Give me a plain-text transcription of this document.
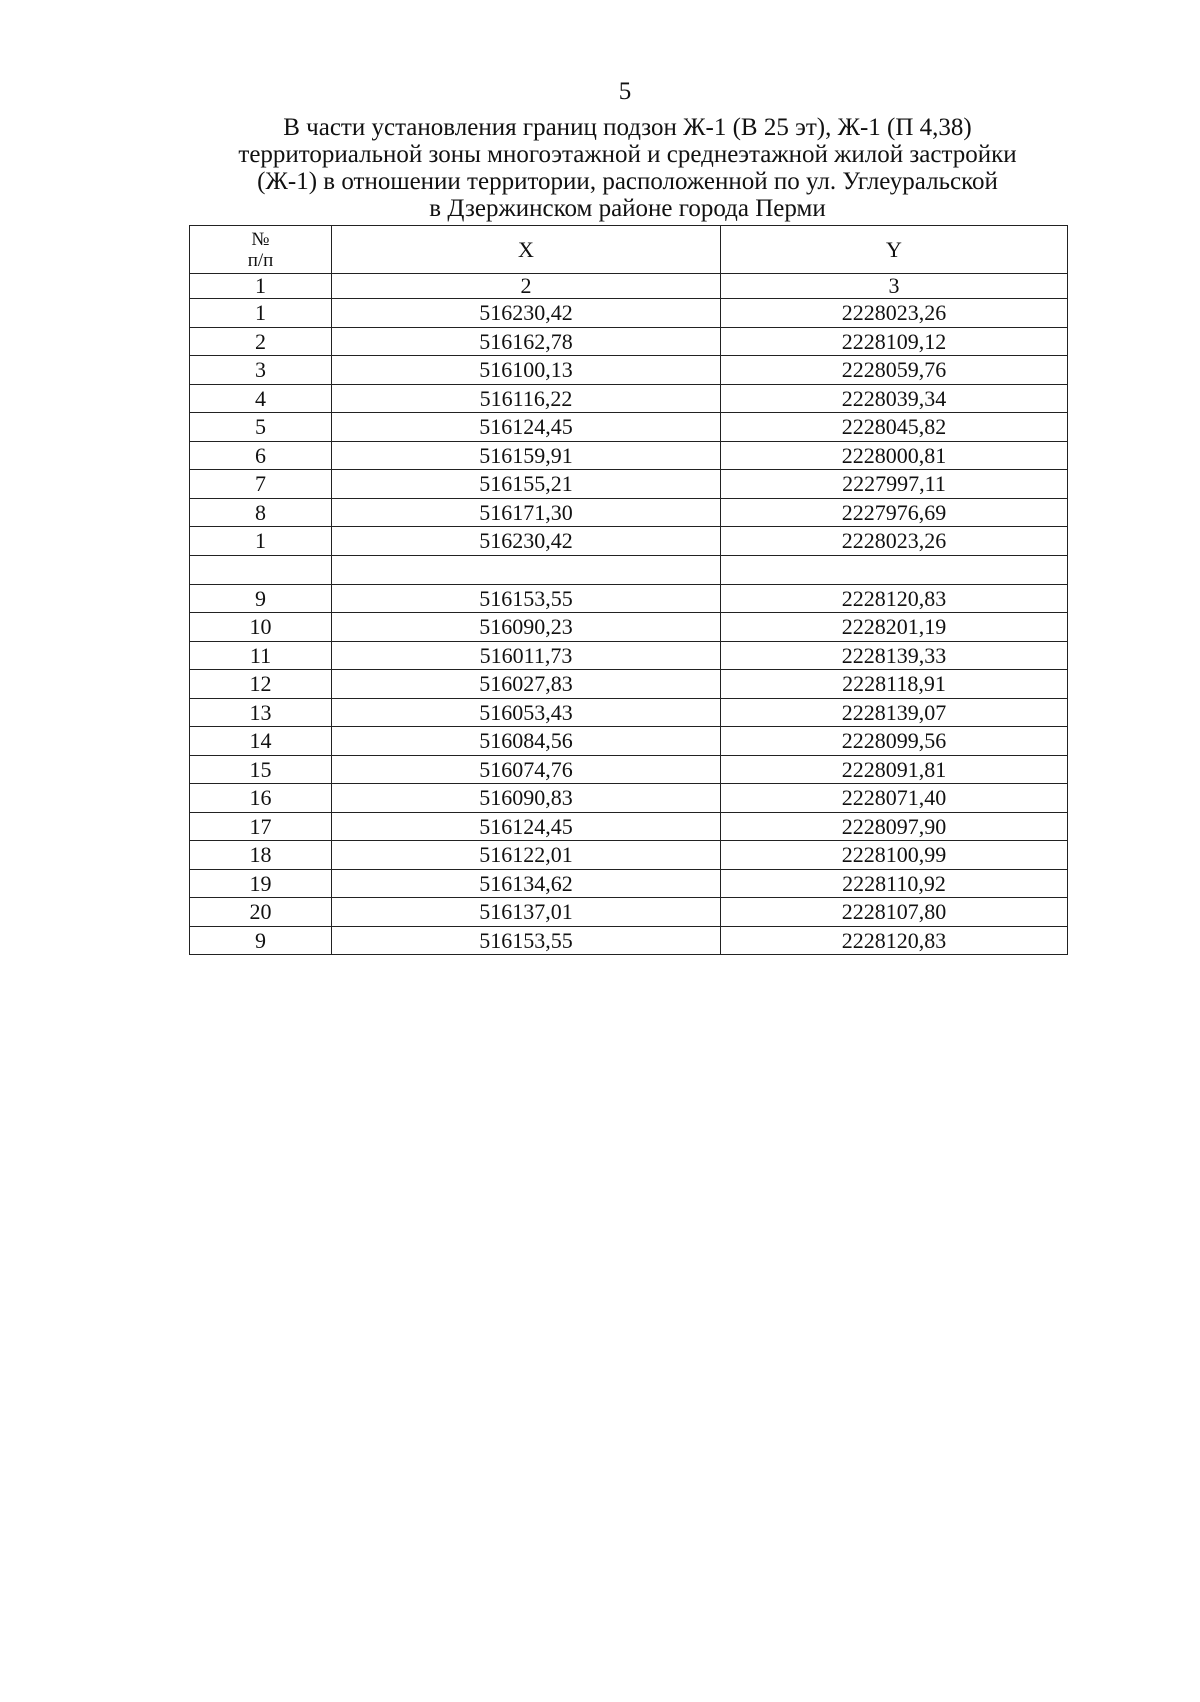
5
В части установления границ подзон Ж-1 (В 25 эт), Ж-1 (П 4,38)
территориальной зоны многоэтажной и среднеэтажной жилой застройки
(Ж-1) в отношении территории, расположенной по ул. Углеуральской
в Дзержинском районе города Перми
№
п/п	X	Y
1	2	3
1	516230,42	2228023,26
2	516162,78	2228109,12
3	516100,13	2228059,76
4	516116,22	2228039,34
5	516124,45	2228045,82
6	516159,91	2228000,81
7	516155,21	2227997,11
8	516171,30	2227976,69
1	516230,42	2228023,26

9	516153,55	2228120,83
10	516090,23	2228201,19
11	516011,73	2228139,33
12	516027,83	2228118,91
13	516053,43	2228139,07
14	516084,56	2228099,56
15	516074,76	2228091,81
16	516090,83	2228071,40
17	516124,45	2228097,90
18	516122,01	2228100,99
19	516134,62	2228110,92
20	516137,01	2228107,80
9	516153,55	2228120,83
